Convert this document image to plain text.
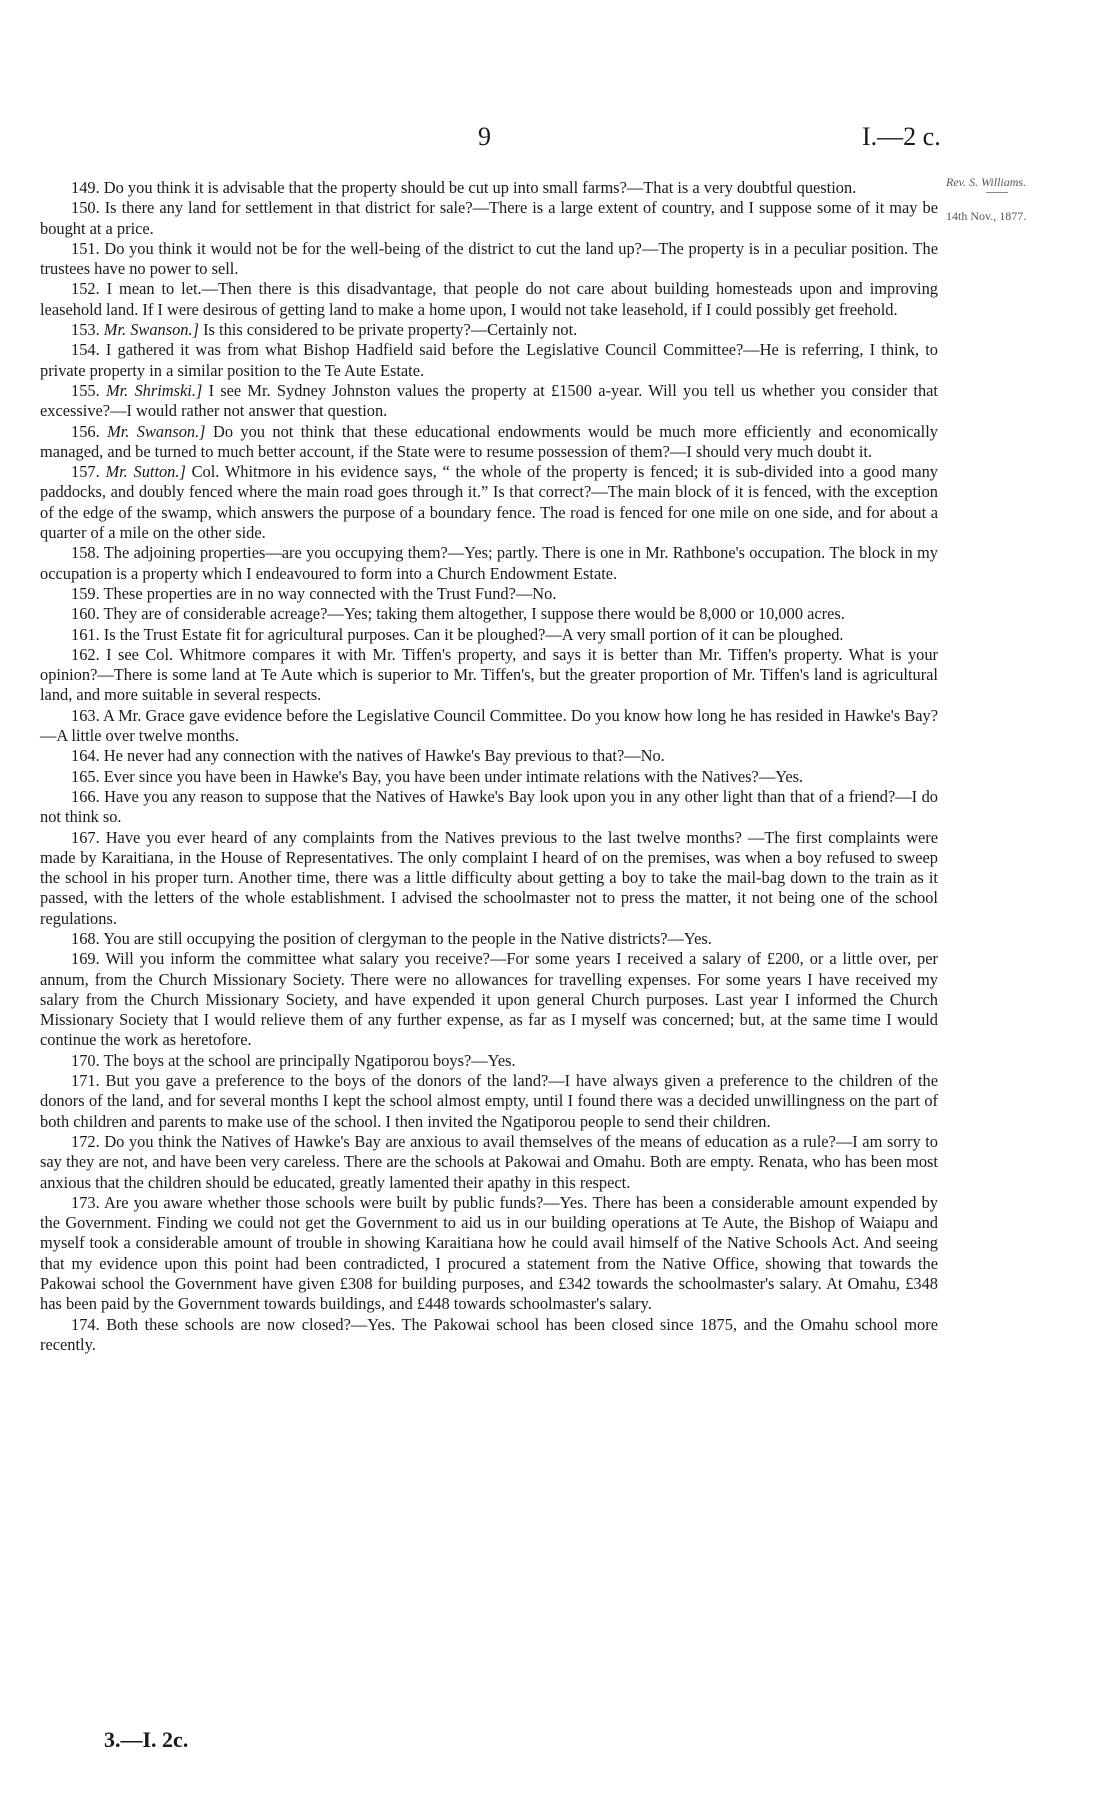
9	I.—2 c.
Rev. S. Williams.
14th Nov., 1877.

149. Do you think it is advisable that the property should be cut up into small farms?—That is a very doubtful question.

150. Is there any land for settlement in that district for sale?—There is a large extent of country, and I suppose some of it may be bought at a price.

151. Do you think it would not be for the well-being of the district to cut the land up?—The property is in a peculiar position. The trustees have no power to sell.

152. I mean to let.—Then there is this disadvantage, that people do not care about building homesteads upon and improving leasehold land. If I were desirous of getting land to make a home upon, I would not take leasehold, if I could possibly get freehold.

153. Mr. Swanson.] Is this considered to be private property?—Certainly not.

154. I gathered it was from what Bishop Hadfield said before the Legislative Council Committee?—He is referring, I think, to private property in a similar position to the Te Aute Estate.

155. Mr. Shrimski.] I see Mr. Sydney Johnston values the property at £1500 a-year. Will you tell us whether you consider that excessive?—I would rather not answer that question.

156. Mr. Swanson.] Do you not think that these educational endowments would be much more efficiently and economically managed, and be turned to much better account, if the State were to resume possession of them?—I should very much doubt it.

157. Mr. Sutton.] Col. Whitmore in his evidence says, “ the whole of the property is fenced; it is sub-divided into a good many paddocks, and doubly fenced where the main road goes through it.” Is that correct?—The main block of it is fenced, with the exception of the edge of the swamp, which answers the purpose of a boundary fence. The road is fenced for one mile on one side, and for about a quarter of a mile on the other side.

158. The adjoining properties—are you occupying them?—Yes; partly. There is one in Mr. Rathbone's occupation. The block in my occupation is a property which I endeavoured to form into a Church Endowment Estate.

159. These properties are in no way connected with the Trust Fund?—No.

160. They are of considerable acreage?—Yes; taking them altogether, I suppose there would be 8,000 or 10,000 acres.

161. Is the Trust Estate fit for agricultural purposes. Can it be ploughed?—A very small portion of it can be ploughed.

162. I see Col. Whitmore compares it with Mr. Tiffen's property, and says it is better than Mr. Tiffen's property. What is your opinion?—There is some land at Te Aute which is superior to Mr. Tiffen's, but the greater proportion of Mr. Tiffen's land is agricultural land, and more suitable in several respects.

163. A Mr. Grace gave evidence before the Legislative Council Committee. Do you know how long he has resided in Hawke's Bay?—A little over twelve months.

164. He never had any connection with the natives of Hawke's Bay previous to that?—No.

165. Ever since you have been in Hawke's Bay, you have been under intimate relations with the Natives?—Yes.

166. Have you any reason to suppose that the Natives of Hawke's Bay look upon you in any other light than that of a friend?—I do not think so.

167. Have you ever heard of any complaints from the Natives previous to the last twelve months? —The first complaints were made by Karaitiana, in the House of Representatives. The only complaint I heard of on the premises, was when a boy refused to sweep the school in his proper turn. Another time, there was a little difficulty about getting a boy to take the mail-bag down to the train as it passed, with the letters of the whole establishment. I advised the schoolmaster not to press the matter, it not being one of the school regulations.

168. You are still occupying the position of clergyman to the people in the Native districts?—Yes.

169. Will you inform the committee what salary you receive?—For some years I received a salary of £200, or a little over, per annum, from the Church Missionary Society. There were no allowances for travelling expenses. For some years I have received my salary from the Church Missionary Society, and have expended it upon general Church purposes. Last year I informed the Church Missionary Society that I would relieve them of any further expense, as far as I myself was concerned; but, at the same time I would continue the work as heretofore.

170. The boys at the school are principally Ngatiporou boys?—Yes.

171. But you gave a preference to the boys of the donors of the land?—I have always given a preference to the children of the donors of the land, and for several months I kept the school almost empty, until I found there was a decided unwillingness on the part of both children and parents to make use of the school. I then invited the Ngatiporou people to send their children.

172. Do you think the Natives of Hawke's Bay are anxious to avail themselves of the means of education as a rule?—I am sorry to say they are not, and have been very careless. There are the schools at Pakowai and Omahu. Both are empty. Renata, who has been most anxious that the children should be educated, greatly lamented their apathy in this respect.

173. Are you aware whether those schools were built by public funds?—Yes. There has been a considerable amount expended by the Government. Finding we could not get the Government to aid us in our building operations at Te Aute, the Bishop of Waiapu and myself took a considerable amount of trouble in showing Karaitiana how he could avail himself of the Native Schools Act. And seeing that my evidence upon this point had been contradicted, I procured a statement from the Native Office, showing that towards the Pakowai school the Government have given £308 for building purposes, and £342 towards the schoolmaster's salary. At Omahu, £348 has been paid by the Government towards buildings, and £448 towards schoolmaster's salary.

174. Both these schools are now closed?—Yes. The Pakowai school has been closed since 1875, and the Omahu school more recently.

3.—I. 2c.
